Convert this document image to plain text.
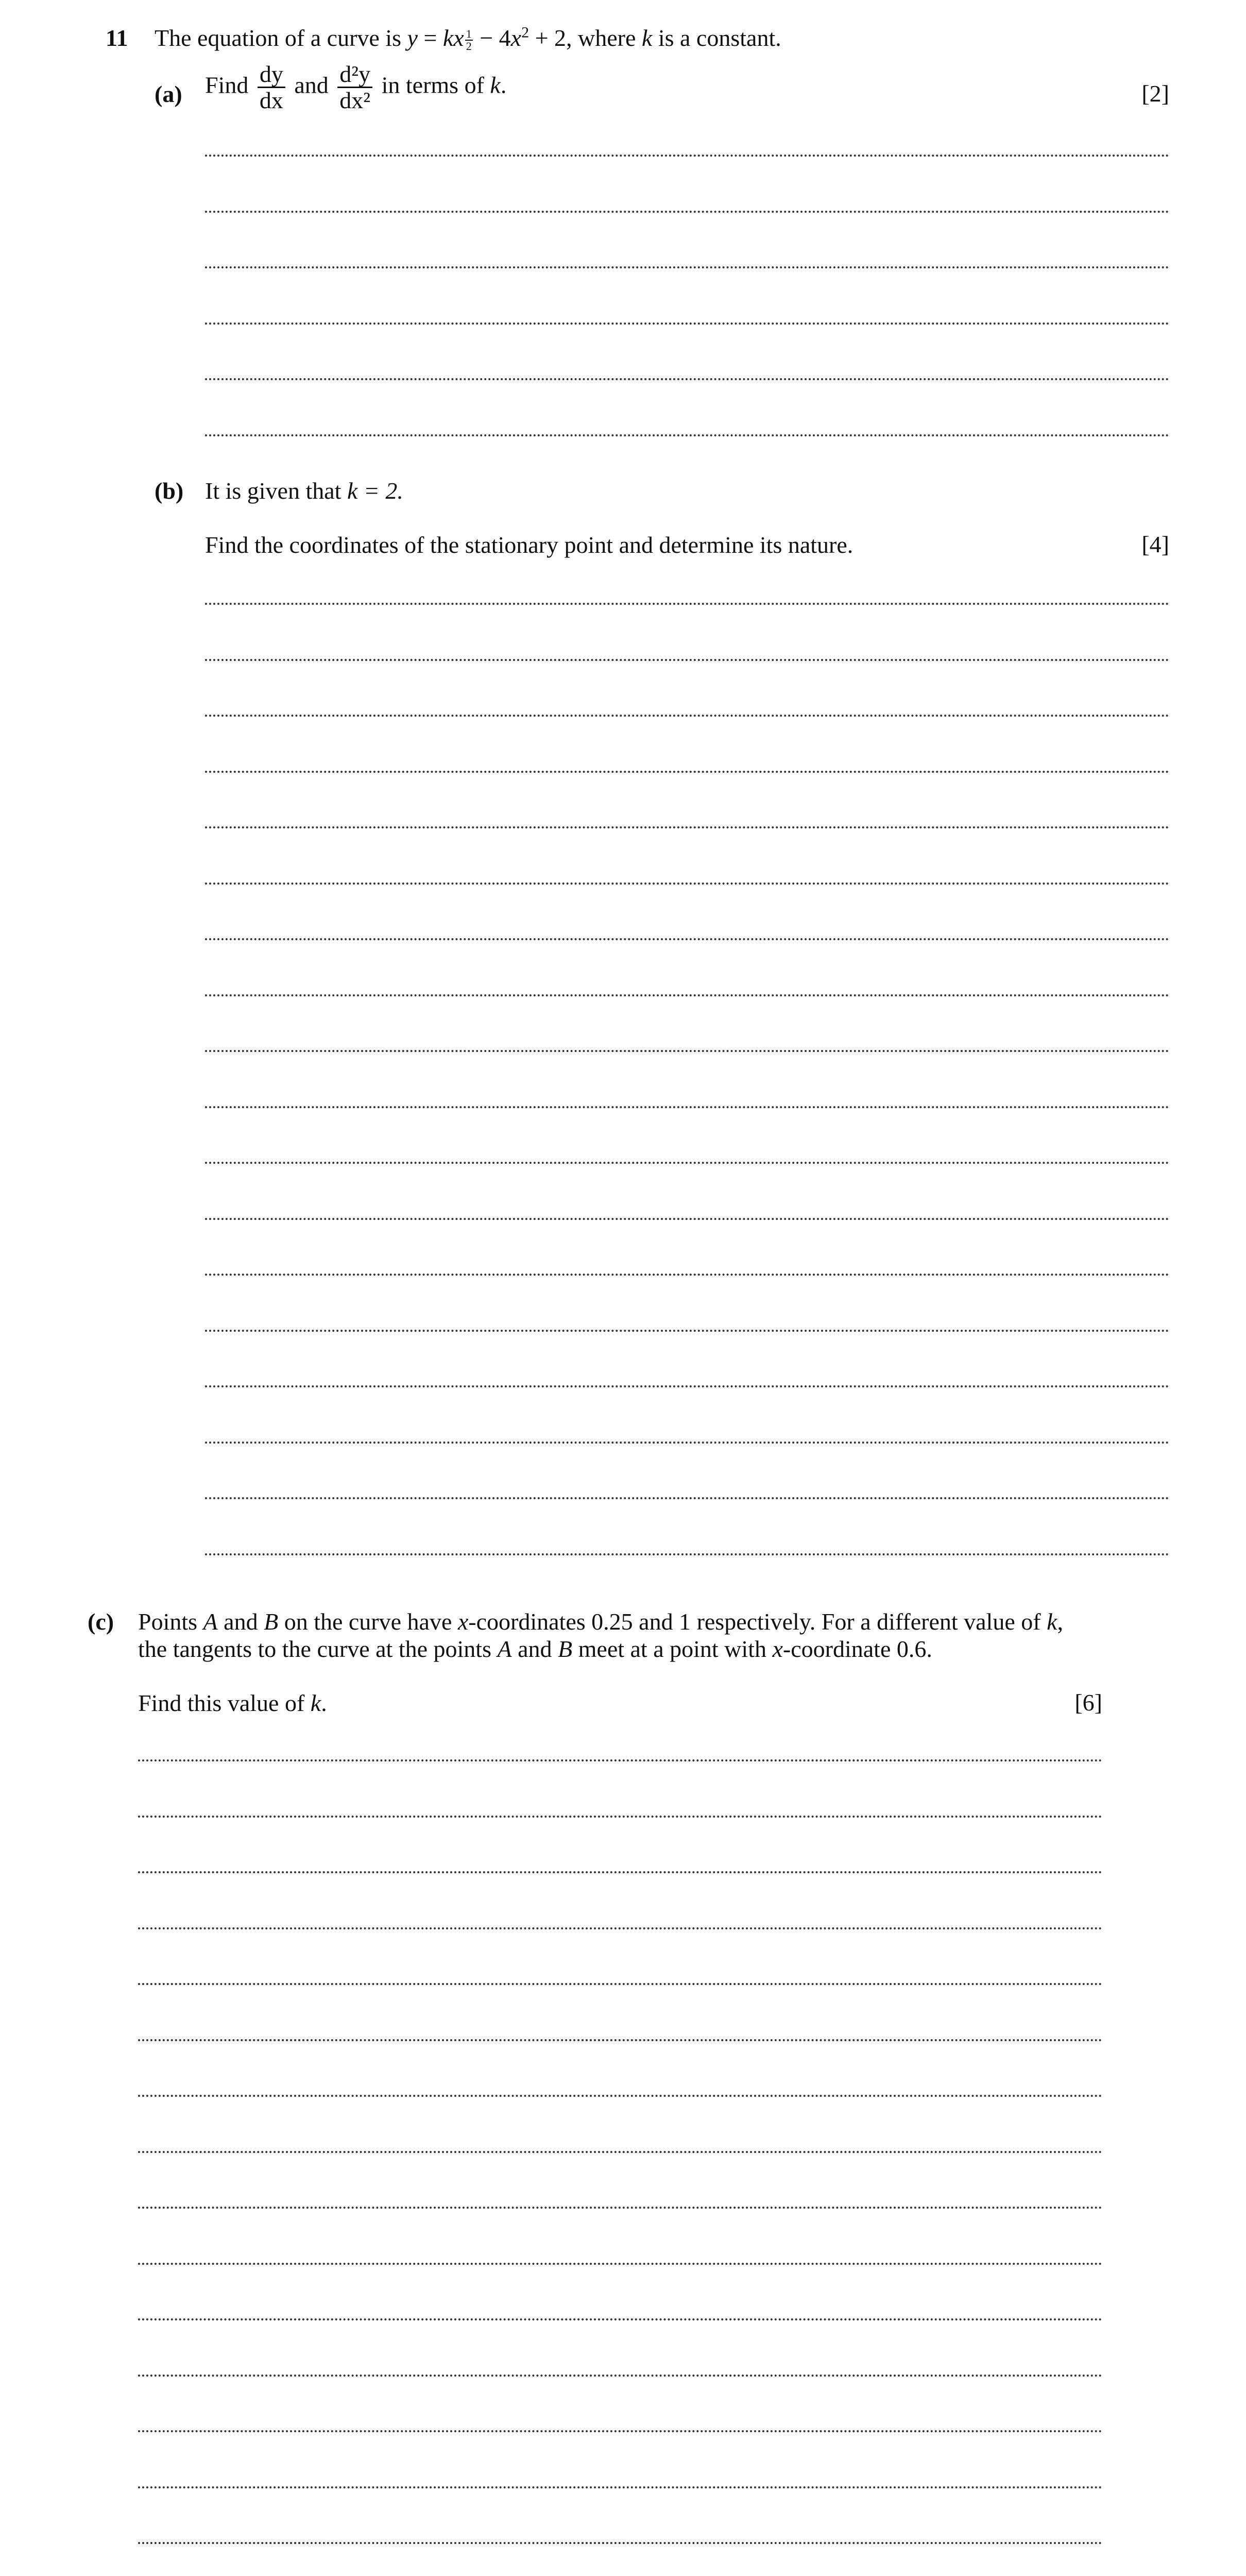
11 The equation of a curve is y = kx $\frac{1}{2} - 4x^2 + 2$, where k is a constant.
(a) Find $\frac{dy}{dx}$ and $\frac{\text{d²y}}{\text{dx²}}$ in terms of k.	[2]
(b) It is given that k = 2.
Find the coordinates of the stationary point and determine its nature.	[4]
(c) Points A and B on the curve have x-coordinates 0.25 and 1 respectively. For a different value of k,
the tangents to the curve at the points A and B meet at a point with x-coordinate 0.6.
Find this value of k.	[6]
